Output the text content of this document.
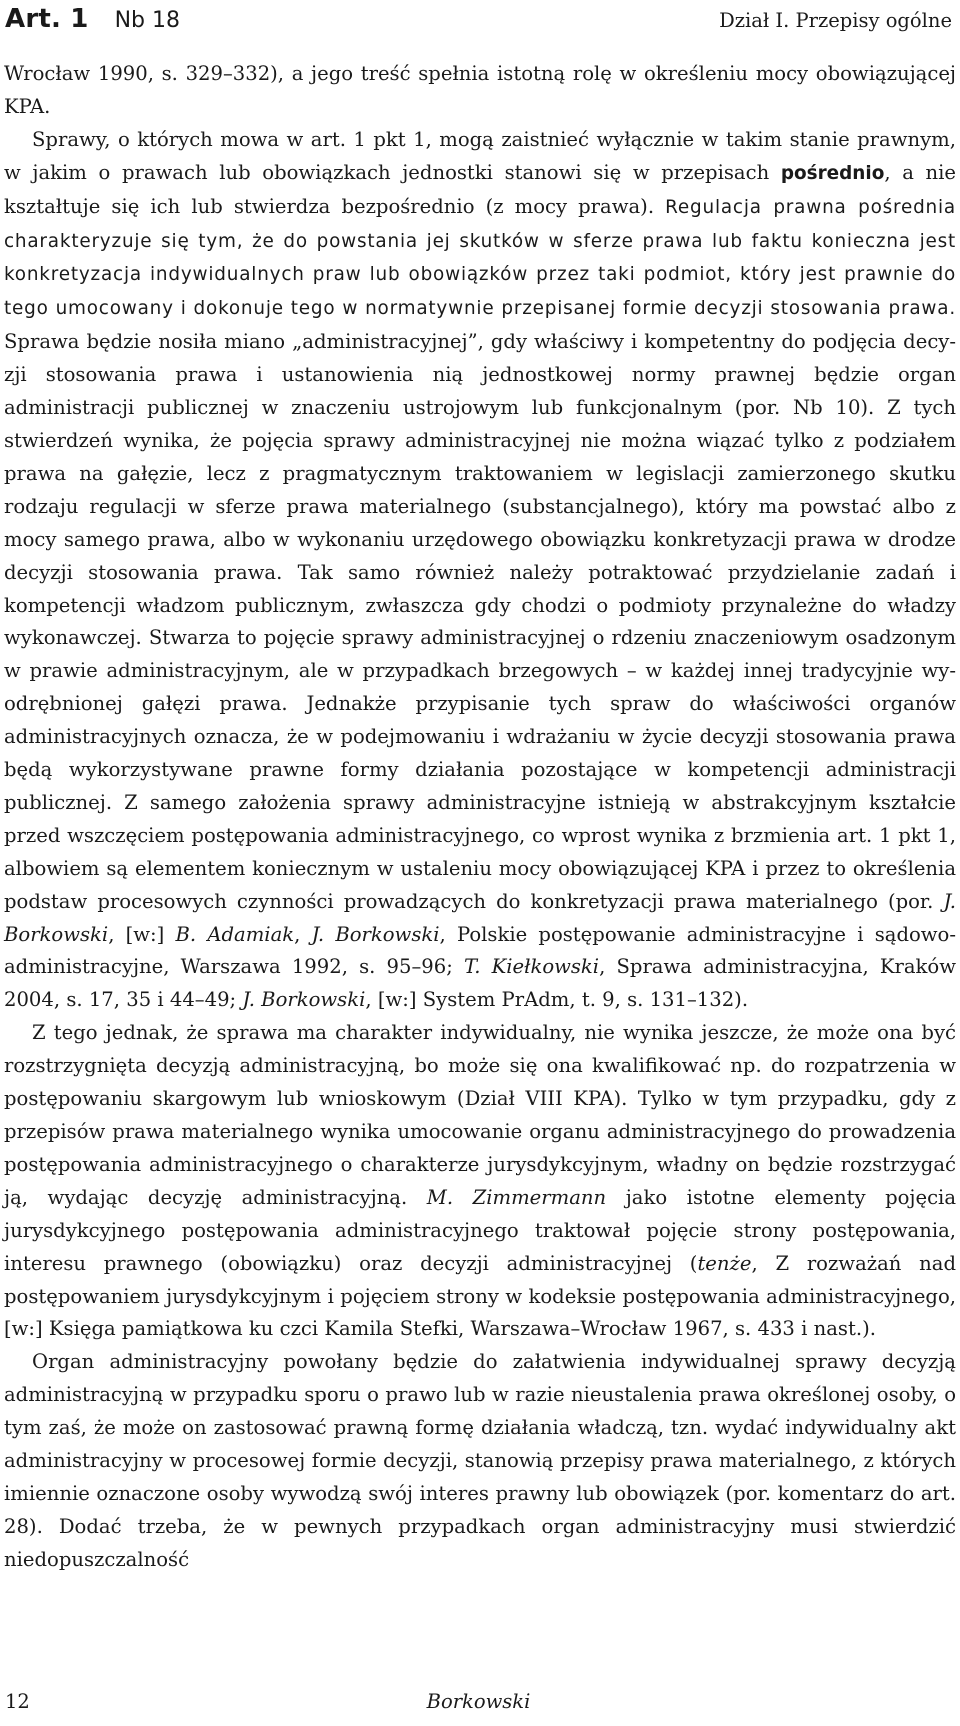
Art. 1 Nb 18	Dział I. Przepisy ogólne

Wrocław 1990, s. 329–332), a jego treść spełnia istotną rolę w określeniu mocy obowiązującej KPA.

Sprawy, o których mowa w art. 1 pkt 1, mogą zaistnieć wyłącznie w takim stanie prawnym, w jakim o prawach lub obowiązkach jednostki stanowi się w przepisach pośrednio, a nie kształtuje się ich lub stwierdza bezpośrednio (z mocy prawa). Regulacja prawna pośrednia charakteryzuje się tym, że do powstania jej skutków w sferze prawa lub faktu konieczna jest konkretyzacja indywidualnych praw lub obowiązków przez taki podmiot, który jest prawnie do tego umocowany i dokonuje tego w normatywnie przepisanej formie decyzji stosowania prawa. Sprawa będzie nosiła miano „administracyjnej”, gdy właściwy i kompetentny do podjęcia decyzji stosowania prawa i ustanowienia nią jednostkowej normy prawnej będzie organ administracji publicznej w znaczeniu ustrojowym lub funkcjonalnym (por. Nb 10). Z tych stwierdzeń wynika, że pojęcia sprawy administracyjnej nie można wiązać tylko z podziałem prawa na gałęzie, lecz z pragmatycznym traktowaniem w legislacji zamierzonego skutku rodzaju regulacji w sferze prawa materialnego (substancjalnego), który ma powstać albo z mocy samego prawa, albo w wykonaniu urzędowego obowiązku konkretyzacji prawa w drodze decyzji stosowania prawa. Tak samo również należy potraktować przydzielanie zadań i kompetencji władzom publicznym, zwłaszcza gdy chodzi o podmioty przynależne do władzy wykonawczej. Stwarza to pojęcie sprawy administracyjnej o rdzeniu znaczeniowym osadzonym w prawie administracyjnym, ale w przypadkach brzegowych – w każdej innej tradycyjnie wyodrębnionej gałęzi prawa. Jednakże przypisanie tych spraw do właściwości organów administracyjnych oznacza, że w podejmowaniu i wdrażaniu w życie decyzji stosowania prawa będą wykorzystywane prawne formy działania pozostające w kompetencji administracji publicznej. Z samego założenia sprawy administracyjne istnieją w abstrakcyjnym kształcie przed wszczęciem postępowania administracyjnego, co wprost wynika z brzmienia art. 1 pkt 1, albowiem są elementem koniecznym w ustaleniu mocy obowiązującej KPA i przez to określenia podstaw procesowych czynności prowadzących do konkretyzacji prawa materialnego (por. J. Borkowski, [w:] B. Adamiak, J. Borkowski, Polskie postępowanie administracyjne i sądowo-administracyjne, Warszawa 1992, s. 95–96; T. Kiełkowski, Sprawa administracyjna, Kraków 2004, s. 17, 35 i 44–49; J. Borkowski, [w:] System PrAdm, t. 9, s. 131–132).

Z tego jednak, że sprawa ma charakter indywidualny, nie wynika jeszcze, że może ona być rozstrzygnięta decyzją administracyjną, bo może się ona kwalifikować np. do rozpatrzenia w postępowaniu skargowym lub wnioskowym (Dział VIII KPA). Tylko w tym przypadku, gdy z przepisów prawa materialnego wynika umocowanie organu administracyjnego do prowadzenia postępowania administracyjnego o charakterze jurysdykcyjnym, władny on będzie rozstrzygać ją, wydając decyzję administracyjną. M. Zimmermann jako istotne elementy pojęcia jurysdykcyjnego postępowania administracyjnego traktował pojęcie strony postępowania, interesu prawnego (obowiązku) oraz decyzji administracyjnej (tenże, Z rozważań nad postępowaniem jurysdykcyjnym i pojęciem strony w kodeksie postępowania administracyjnego, [w:] Księga pamiątkowa ku czci Kamila Stefki, Warszawa–Wrocław 1967, s. 433 i nast.).

Organ administracyjny powołany będzie do załatwienia indywidualnej sprawy decyzją administracyjną w przypadku sporu o prawo lub w razie nieustalenia prawa określonej osoby, o tym zaś, że może on zastosować prawną formę działania władczą, tzn. wydać indywidualny akt administracyjny w procesowej formie decyzji, stanowią przepisy prawa materialnego, z których imiennie oznaczone osoby wywodzą swój interes prawny lub obowiązek (por. komentarz do art. 28). Dodać trzeba, że w pewnych przypadkach organ administracyjny musi stwierdzić niedopuszczalność

12	Borkowski
